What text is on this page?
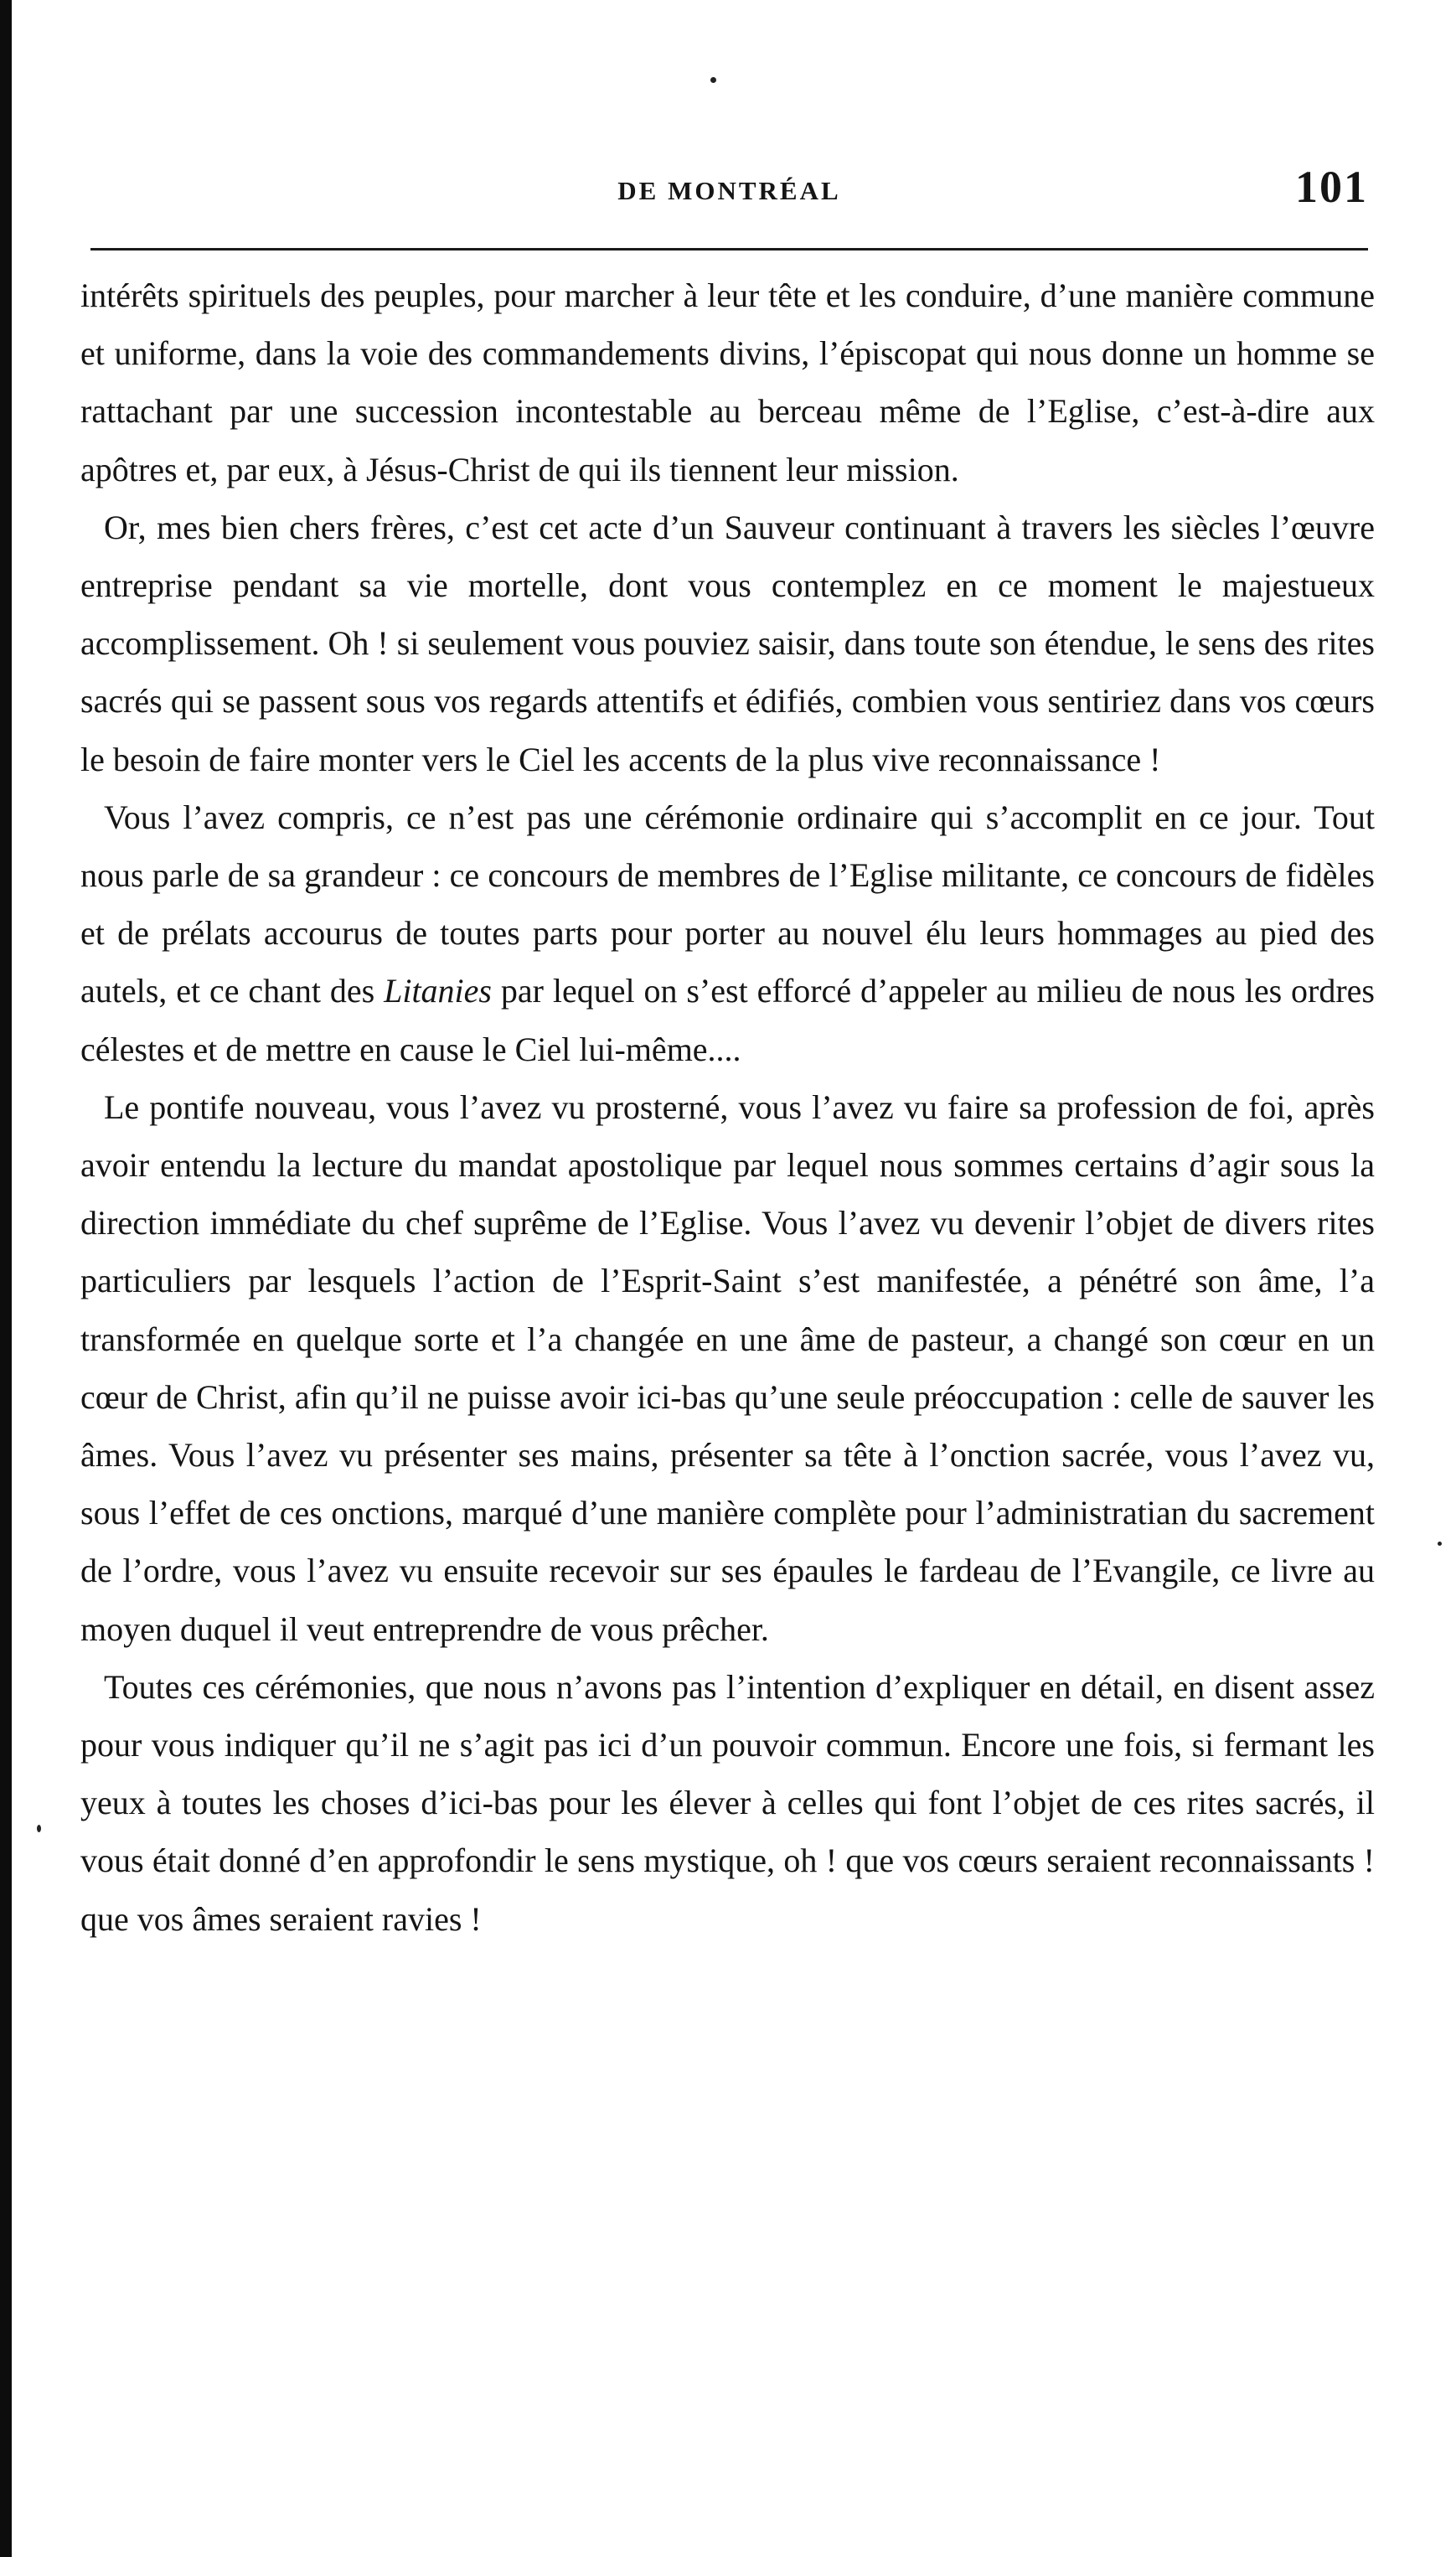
DE MONTRÉAL	101

intérêts spirituels des peuples, pour marcher à leur tête et les conduire, d’une manière commune et uniforme, dans la voie des commandements divins, l’épiscopat qui nous donne un homme se rattachant par une succession incontestable au berceau même de l’Eglise, c’est-à-dire aux apôtres et, par eux, à Jésus-Christ de qui ils tiennent leur mission.

Or, mes bien chers frères, c’est cet acte d’un Sauveur continuant à travers les siècles l’œuvre entreprise pendant sa vie mortelle, dont vous contemplez en ce moment le majestueux accomplissement. Oh ! si seulement vous pouviez saisir, dans toute son étendue, le sens des rites sacrés qui se passent sous vos regards attentifs et édifiés, combien vous sentiriez dans vos cœurs le besoin de faire monter vers le Ciel les accents de la plus vive reconnaissance !

Vous l’avez compris, ce n’est pas une cérémonie ordinaire qui s’accomplit en ce jour. Tout nous parle de sa grandeur : ce concours de membres de l’Eglise militante, ce concours de fidèles et de prélats accourus de toutes parts pour porter au nouvel élu leurs hommages au pied des autels, et ce chant des Litanies par lequel on s’est efforcé d’appeler au milieu de nous les ordres célestes et de mettre en cause le Ciel lui-même....

Le pontife nouveau, vous l’avez vu prosterné, vous l’avez vu faire sa profession de foi, après avoir entendu la lecture du mandat apostolique par lequel nous sommes certains d’agir sous la direction immédiate du chef suprême de l’Eglise. Vous l’avez vu devenir l’objet de divers rites particuliers par lesquels l’action de l’Esprit-Saint s’est manifestée, a pénétré son âme, l’a transformée en quelque sorte et l’a changée en une âme de pasteur, a changé son cœur en un cœur de Christ, afin qu’il ne puisse avoir ici-bas qu’une seule préoccupation : celle de sauver les âmes. Vous l’avez vu présenter ses mains, présenter sa tête à l’onction sacrée, vous l’avez vu, sous l’effet de ces onctions, marqué d’une manière complète pour l’administratian du sacrement de l’ordre, vous l’avez vu ensuite recevoir sur ses épaules le fardeau de l’Evangile, ce livre au moyen duquel il veut entreprendre de vous prêcher.

Toutes ces cérémonies, que nous n’avons pas l’intention d’expliquer en détail, en disent assez pour vous indiquer qu’il ne s’agit pas ici d’un pouvoir commun. Encore une fois, si fermant les yeux à toutes les choses d’ici-bas pour les élever à celles qui font l’objet de ces rites sacrés, il vous était donné d’en approfondir le sens mystique, oh ! que vos cœurs seraient reconnaissants ! que vos âmes seraient ravies !
